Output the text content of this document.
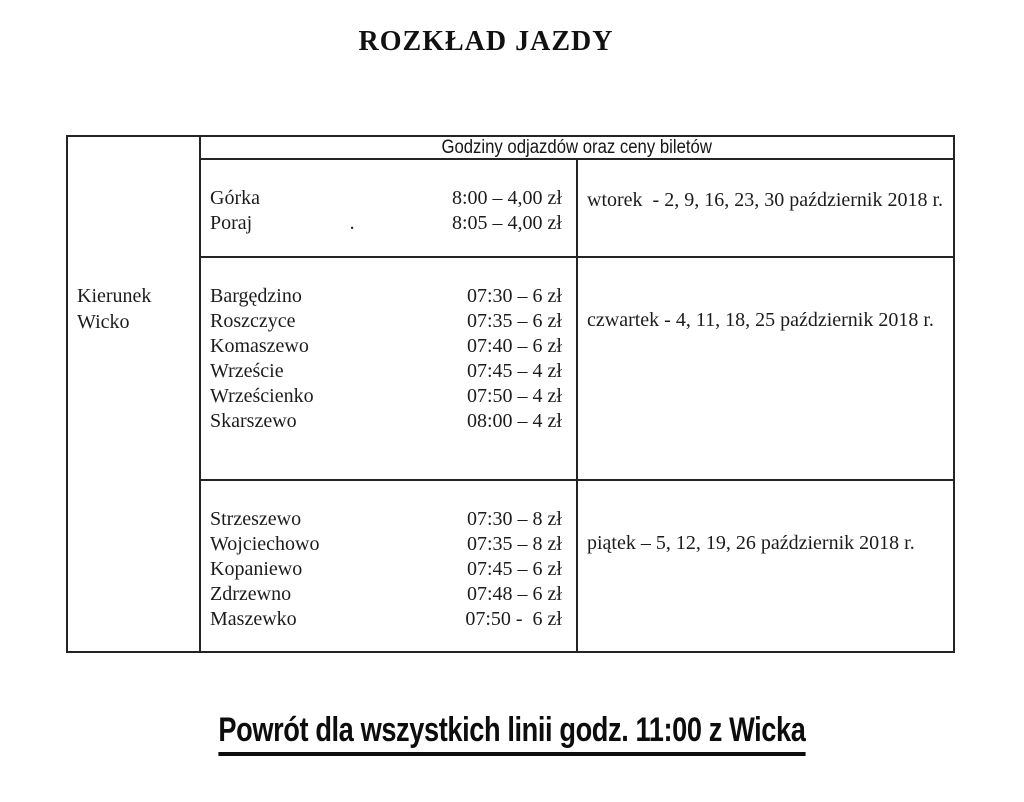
ROZKŁAD JAZDY
Kierunek
Wicko	Godziny odjazdów oraz ceny biletów	

	Górka 8:00 – 4,00 zł
Poraj . 8:05 – 4,00 zł	wtorek  - 2, 9, 16, 23, 30 październik 2018 r.

Bargędzino	07:30 – 6 zł
Roszczyce	07:35 – 6 zł
Komaszewo	07:40 – 6 zł
Wrzeście	07:45 – 4 zł
Wrześcienko	07:50 – 4 zł
Skarszewo	08:00 – 4 zł
	czwartek - 4, 11, 18, 25 październik 2018 r.

Strzeszewo	07:30 – 8 zł
Wojciechowo	07:35 – 8 zł
Kopaniewo	07:45 – 6 zł
Zdrzewno	07:48 – 6 zł
Maszewko	07:50 -  6 zł
	piątek – 5, 12, 19, 26 październik 2018 r.
Powrót dla wszystkich linii godz. 11:00 z Wicka
